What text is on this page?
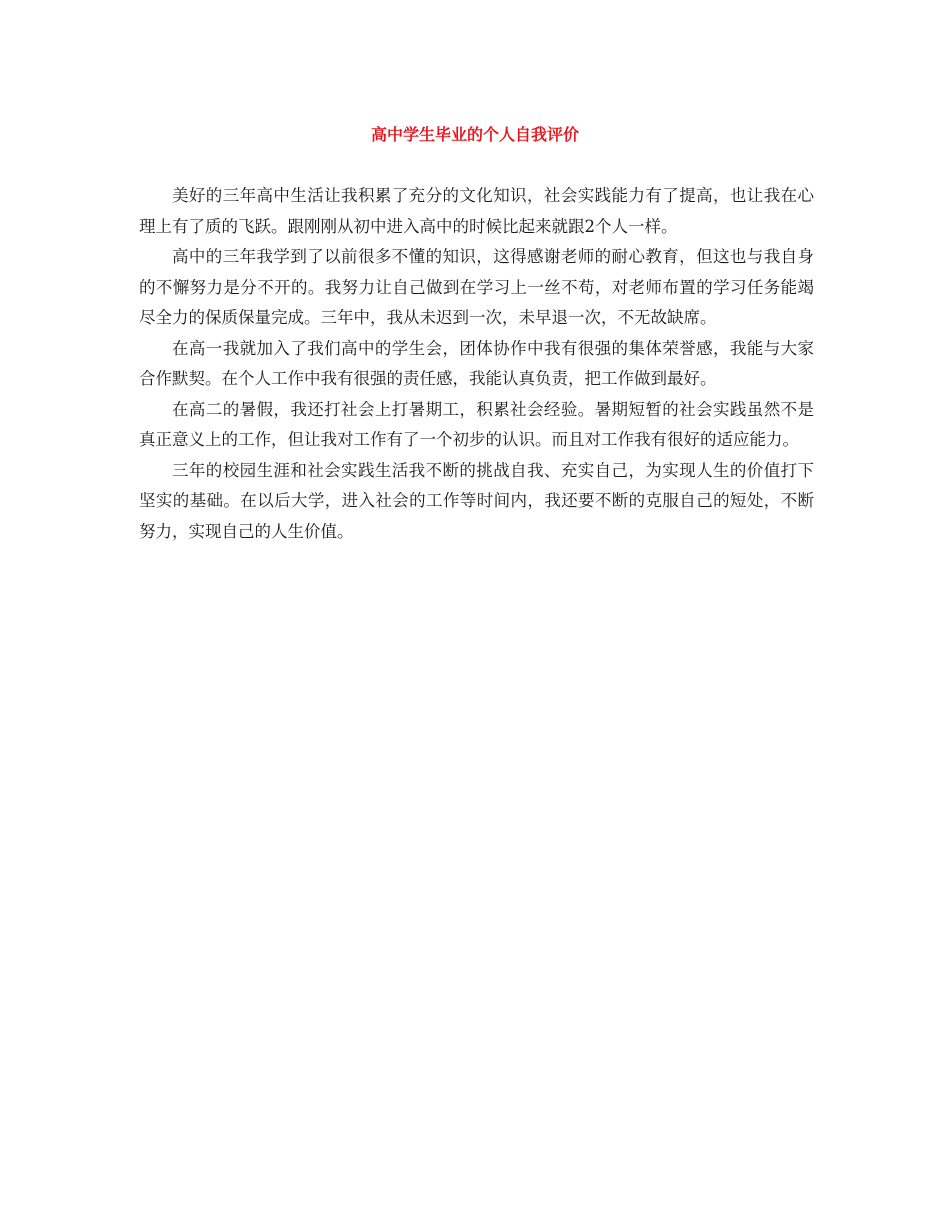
高中学生毕业的个人自我评价

美好的三年高中生活让我积累了充分的文化知识，社会实践能力有了提高，也让我在心理上有了质的飞跃。跟刚刚从初中进入高中的时候比起来就跟2个人一样。

高中的三年我学到了以前很多不懂的知识，这得感谢老师的耐心教育，但这也与我自身的不懈努力是分不开的。我努力让自己做到在学习上一丝不苟，对老师布置的学习任务能竭尽全力的保质保量完成。三年中，我从未迟到一次，未早退一次，不无故缺席。

在高一我就加入了我们高中的学生会，团体协作中我有很强的集体荣誉感，我能与大家合作默契。在个人工作中我有很强的责任感，我能认真负责，把工作做到最好。

在高二的暑假，我还打社会上打暑期工，积累社会经验。暑期短暂的社会实践虽然不是真正意义上的工作，但让我对工作有了一个初步的认识。而且对工作我有很好的适应能力。

三年的校园生涯和社会实践生活我不断的挑战自我、充实自己，为实现人生的价值打下坚实的基础。在以后大学，进入社会的工作等时间内，我还要不断的克服自己的短处，不断努力，实现自己的人生价值。
